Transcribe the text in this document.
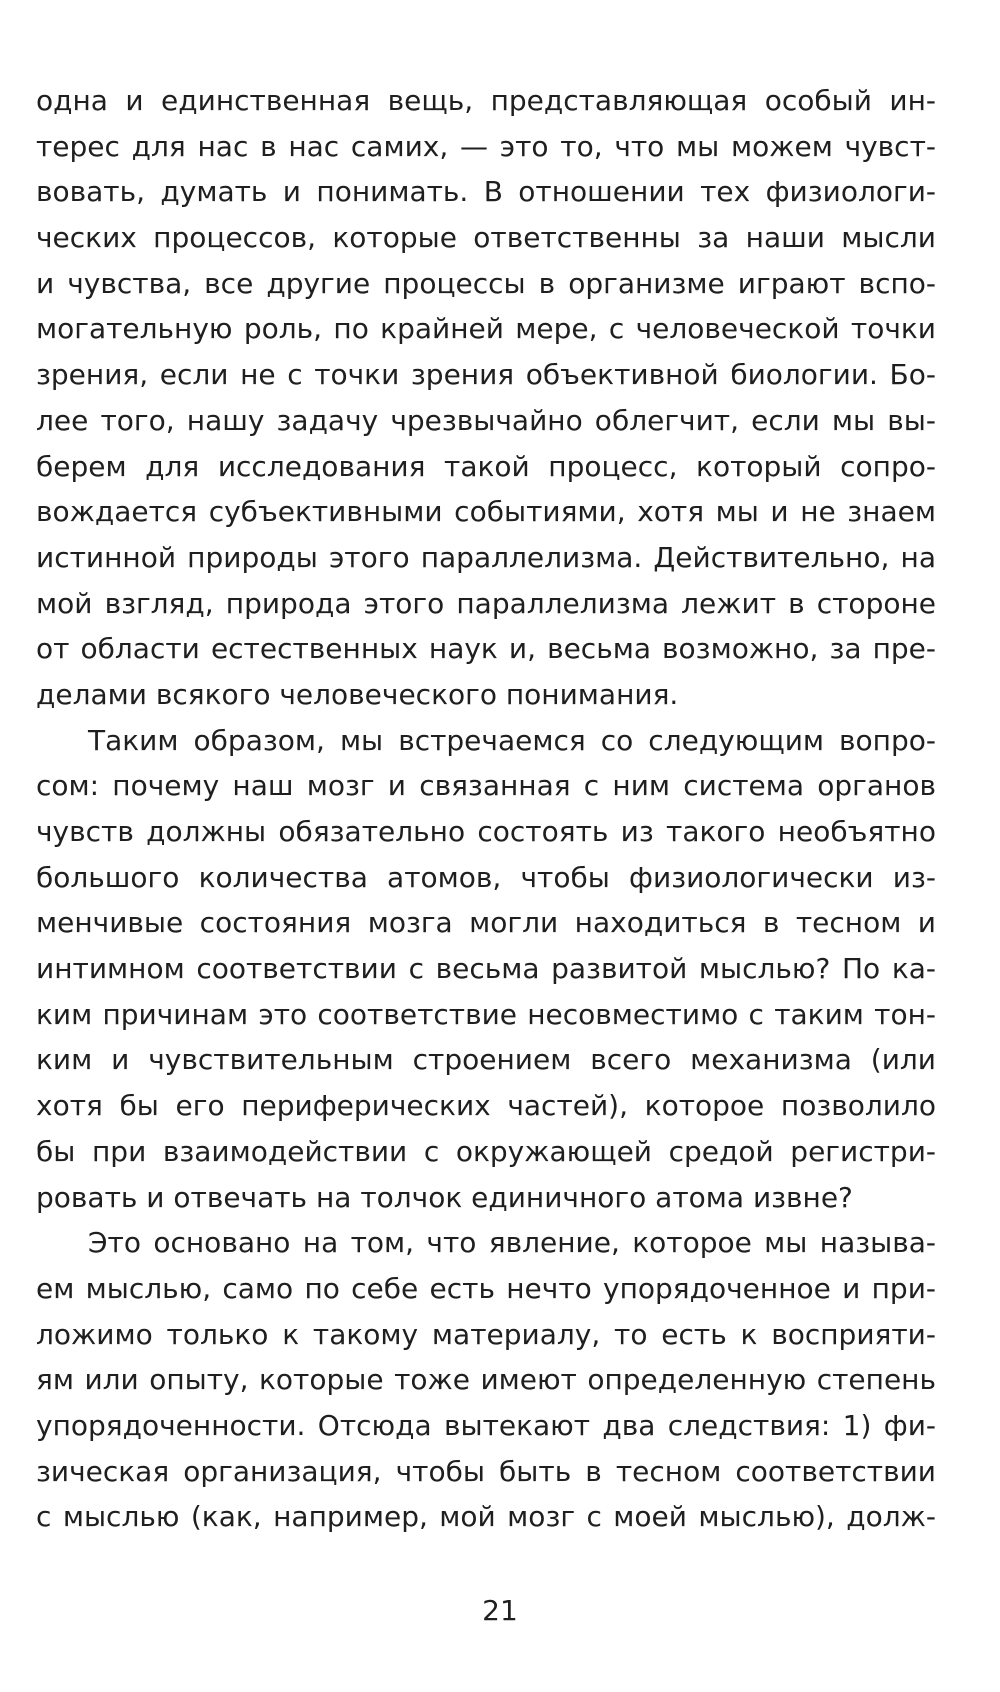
одна и единственная вещь, представляющая особый ин-
терес для нас в нас самих, — это то, что мы можем чувст-
вовать, думать и понимать. В отношении тех физиологи-
ческих процессов, которые ответственны за наши мысли
и чувства, все другие процессы в организме играют вспо-
могательную роль, по крайней мере, с человеческой точки
зрения, если не с точки зрения объективной биологии. Бо-
лее того, нашу задачу чрезвычайно облегчит, если мы вы-
берем для исследования такой процесс, который сопро-
вождается субъективными событиями, хотя мы и не знаем
истинной природы этого параллелизма. Действительно, на
мой взгляд, природа этого параллелизма лежит в стороне
от области естественных наук и, весьма возможно, за пре-
делами всякого человеческого понимания.
Таким образом, мы встречаемся со следующим вопро-
сом: почему наш мозг и связанная с ним система органов
чувств должны обязательно состоять из такого необъятно
большого количества атомов, чтобы физиологически из-
менчивые состояния мозга могли находиться в тесном и
интимном соответствии с весьма развитой мыслью? По ка-
ким причинам это соответствие несовместимо с таким тон-
ким и чувствительным строением всего механизма (или
хотя бы его периферических частей), которое позволило
бы при взаимодействии с окружающей средой регистри-
ровать и отвечать на толчок единичного атома извне?
Это основано на том, что явление, которое мы называ-
ем мыслью, само по себе есть нечто упорядоченное и при-
ложимо только к такому материалу, то есть к восприяти-
ям или опыту, которые тоже имеют определенную степень
упорядоченности. Отсюда вытекают два следствия: 1) фи-
зическая организация, чтобы быть в тесном соответствии
с мыслью (как, например, мой мозг с моей мыслью), долж-
21
